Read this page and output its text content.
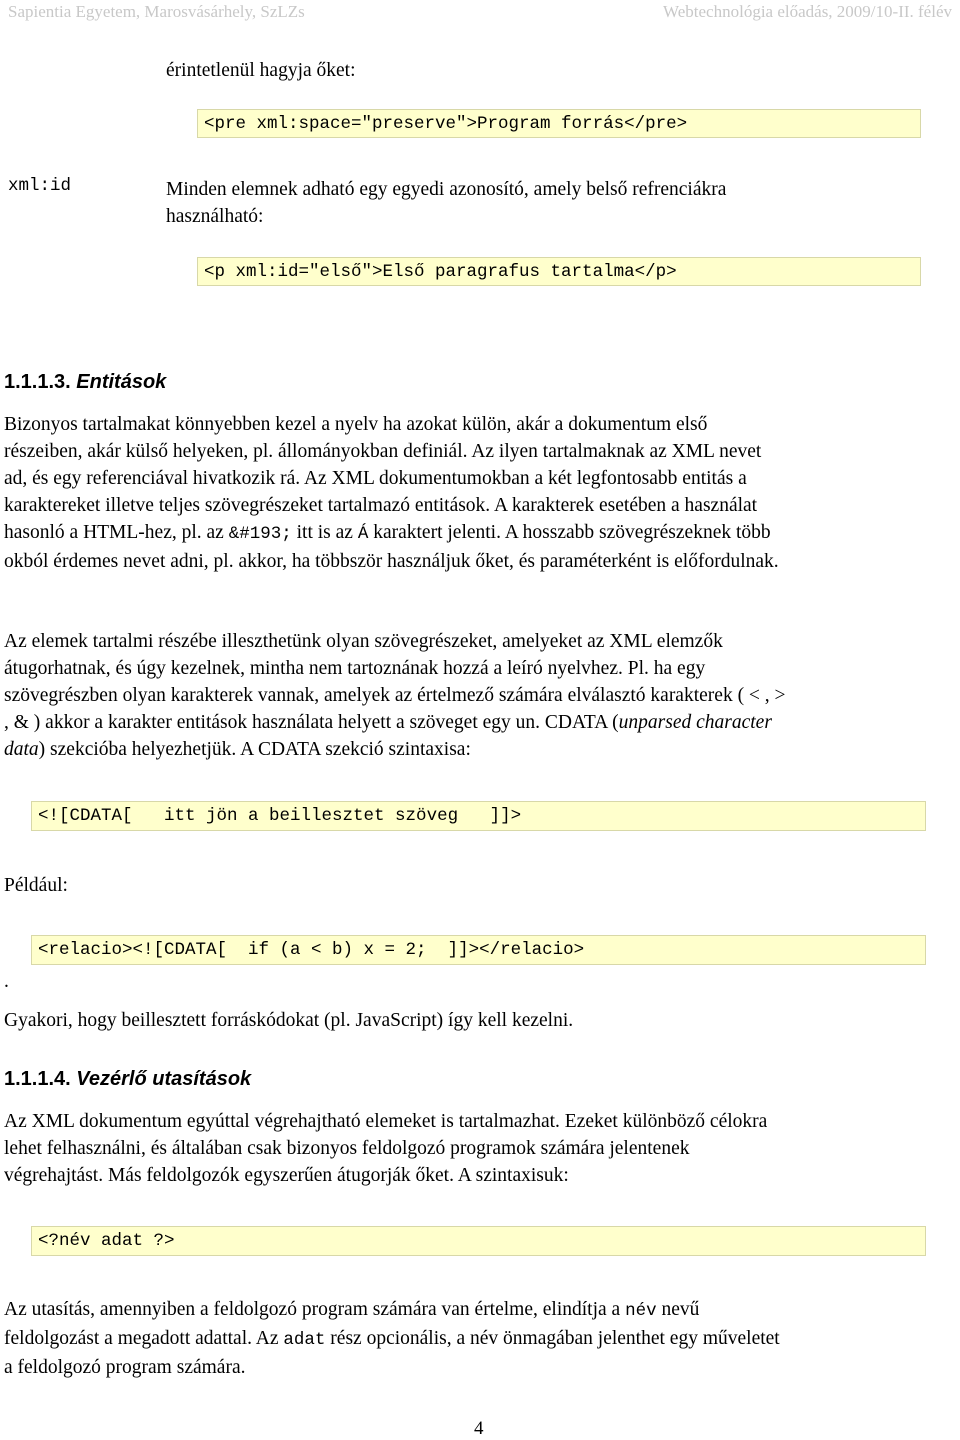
Sapientia Egyetem, Marosvásárhely, SzLZs	Webtechnológia előadás, 2009/10-II. félév
érintetlenül hagyja őket:
<pre xml:space="preserve">Program forrás</pre>
xml:id	Minden elemnek adható egy egyedi azonosító, amely belső refrenciákra
használható:
<p xml:id="első">Első paragrafus tartalma</p>
1.1.1.3. Entitások
Bizonyos tartalmakat könnyebben kezel a nyelv ha azokat külön, akár a dokumentum első
részeiben, akár külső helyeken, pl. állományokban definiál. Az ilyen tartalmaknak az XML nevet
ad, és egy referenciával hivatkozik rá. Az XML dokumentumokban a két legfontosabb entitás a
karaktereket illetve teljes szövegrészeket tartalmazó entitások. A karakterek esetében a használat
hasonló a HTML-hez, pl. az &#193; itt is az Á karaktert jelenti. A hosszabb szövegrészeknek több
okból érdemes nevet adni, pl. akkor, ha többször használjuk őket, és paraméterként is előfordulnak.
Az elemek tartalmi részébe illeszthetünk olyan szövegrészeket, amelyeket az XML elemzők
átugorhatnak, és úgy kezelnek, mintha nem tartoznának hozzá a leíró nyelvhez. Pl. ha egy
szövegrészben olyan karakterek vannak, amelyek az értelmező számára elválasztó karakterek ( < , >
, & ) akkor a karakter entitások használata helyett a szöveget egy un. CDATA (unparsed character
data) szekcióba helyezhetjük. A CDATA szekció szintaxisa:
<![CDATA[   itt jön a beillesztet szöveg   ]]>
Például:
.
<relacio><![CDATA[  if (a < b) x = 2;  ]]></relacio>
Gyakori, hogy beillesztett forráskódokat (pl. JavaScript) így kell kezelni.
1.1.1.4. Vezérlő utasítások
Az XML dokumentum egyúttal végrehajtható elemeket is tartalmazhat. Ezeket különböző célokra
lehet felhasználni, és általában csak bizonyos feldolgozó programok számára jelentenek
végrehajtást. Más feldolgozók egyszerűen átugorják őket. A szintaxisuk:
<?név adat ?>
Az utasítás, amennyiben a feldolgozó program számára van értelme, elindítja a név nevű
feldolgozást a megadott adattal. Az adat rész opcionális, a név önmagában jelenthet egy műveletet
a feldolgozó program számára.
4
